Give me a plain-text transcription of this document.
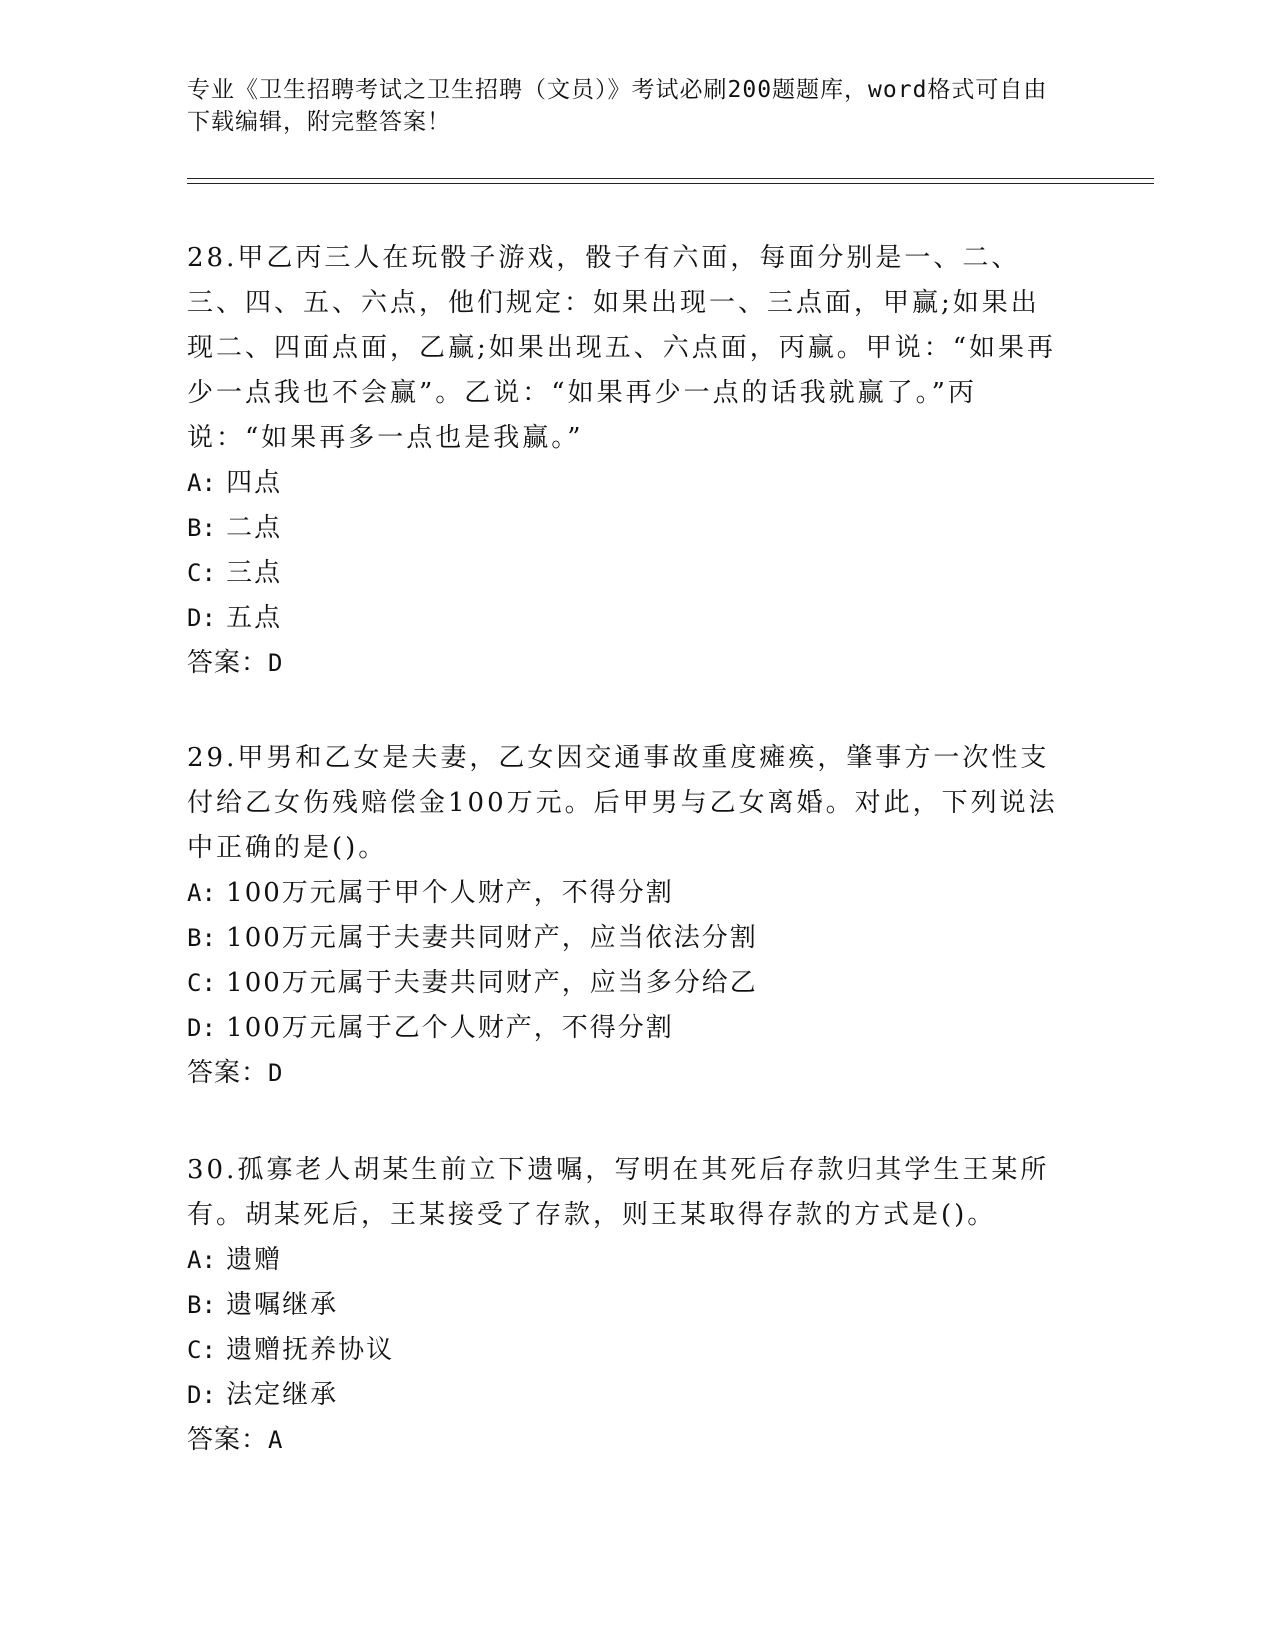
专业《卫生招聘考试之卫生招聘（文员）》考试必刷200题题库，word格式可自由下载编辑，附完整答案！

28.甲乙丙三人在玩骰子游戏，骰子有六面，每面分别是一、二、三、四、五、六点，他们规定：如果出现一、三点面，甲赢;如果出现二、四面点面，乙赢;如果出现五、六点面，丙赢。甲说：“如果再少一点我也不会赢”。乙说：“如果再少一点的话我就赢了。”丙说：“如果再多一点也是我赢。”

A: 四点

B: 二点

C: 三点

D: 五点

答案：D

29.甲男和乙女是夫妻，乙女因交通事故重度瘫痪，肇事方一次性支付给乙女伤残赔偿金100万元。后甲男与乙女离婚。对此，下列说法中正确的是()。

A: 100万元属于甲个人财产，不得分割

B: 100万元属于夫妻共同财产，应当依法分割

C: 100万元属于夫妻共同财产，应当多分给乙

D: 100万元属于乙个人财产，不得分割

答案：D

30.孤寡老人胡某生前立下遗嘱，写明在其死后存款归其学生王某所有。胡某死后，王某接受了存款，则王某取得存款的方式是()。

A: 遗赠

B: 遗嘱继承

C: 遗赠抚养协议

D: 法定继承

答案：A
